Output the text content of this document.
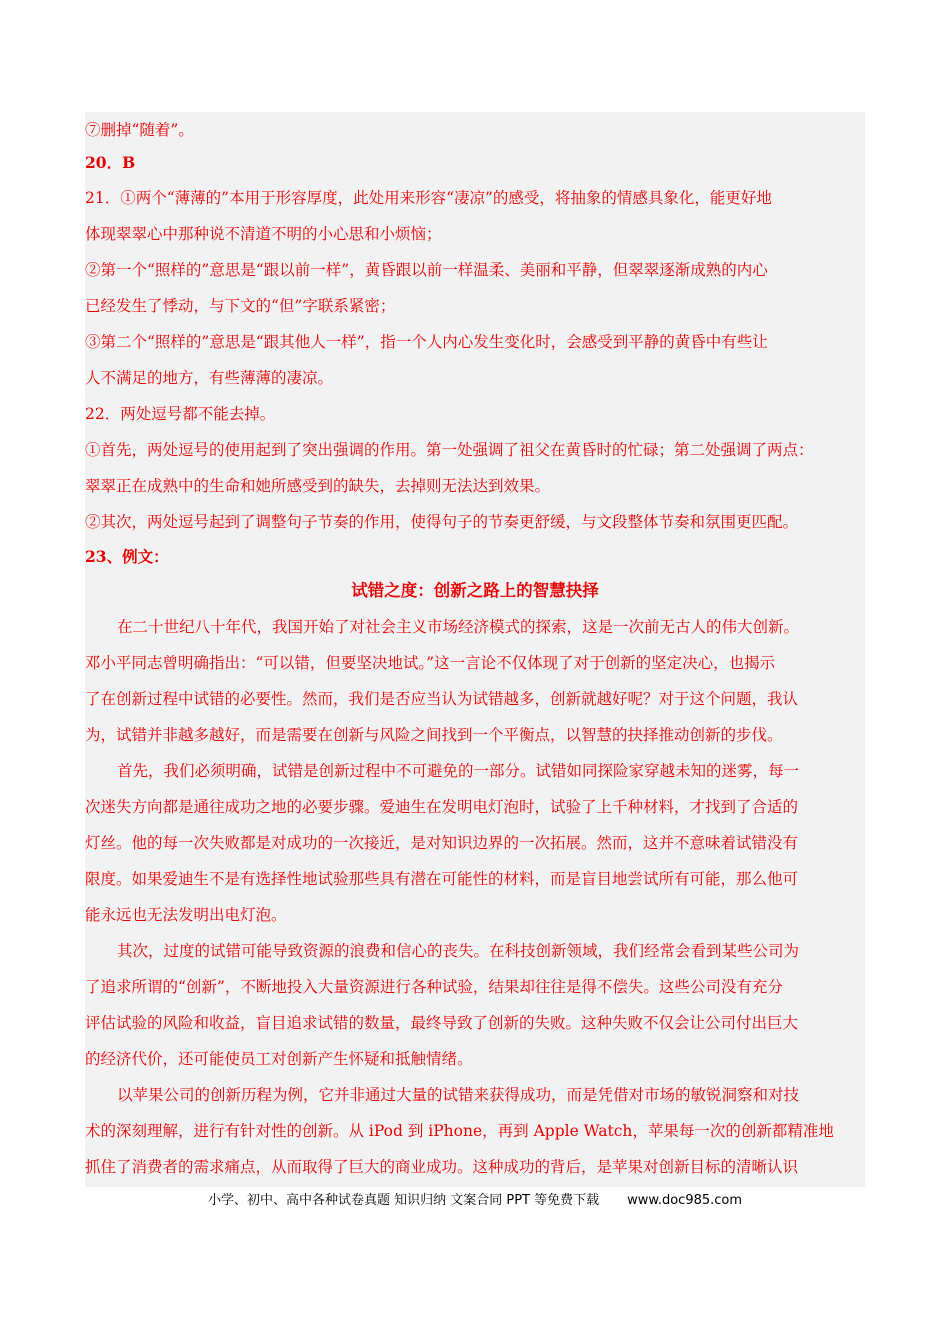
⑦删掉“随着”。
20．B
21．①两个“薄薄的”本用于形容厚度，此处用来形容“凄凉”的感受，将抽象的情感具象化，能更好地
体现翠翠心中那种说不清道不明的小心思和小烦恼；
②第一个“照样的”意思是“跟以前一样”，黄昏跟以前一样温柔、美丽和平静，但翠翠逐渐成熟的内心
已经发生了悸动，与下文的“但”字联系紧密；
③第二个“照样的”意思是“跟其他人一样”，指一个人内心发生变化时，会感受到平静的黄昏中有些让
人不满足的地方，有些薄薄的凄凉。
22．两处逗号都不能去掉。
①首先，两处逗号的使用起到了突出强调的作用。第一处强调了祖父在黄昏时的忙碌；第二处强调了两点：
翠翠正在成熟中的生命和她所感受到的缺失，去掉则无法达到效果。
②其次，两处逗号起到了调整句子节奏的作用，使得句子的节奏更舒缓，与文段整体节奏和氛围更匹配。
23、例文：
试错之度：创新之路上的智慧抉择
在二十世纪八十年代，我国开始了对社会主义市场经济模式的探索，这是一次前无古人的伟大创新。
邓小平同志曾明确指出：“可以错，但要坚决地试。”这一言论不仅体现了对于创新的坚定决心，也揭示
了在创新过程中试错的必要性。然而，我们是否应当认为试错越多，创新就越好呢？对于这个问题，我认
为，试错并非越多越好，而是需要在创新与风险之间找到一个平衡点，以智慧的抉择推动创新的步伐。
首先，我们必须明确，试错是创新过程中不可避免的一部分。试错如同探险家穿越未知的迷雾，每一
次迷失方向都是通往成功之地的必要步骤。爱迪生在发明电灯泡时，试验了上千种材料，才找到了合适的
灯丝。他的每一次失败都是对成功的一次接近，是对知识边界的一次拓展。然而，这并不意味着试错没有
限度。如果爱迪生不是有选择性地试验那些具有潜在可能性的材料，而是盲目地尝试所有可能，那么他可
能永远也无法发明出电灯泡。
其次，过度的试错可能导致资源的浪费和信心的丧失。在科技创新领域，我们经常会看到某些公司为
了追求所谓的“创新”，不断地投入大量资源进行各种试验，结果却往往是得不偿失。这些公司没有充分
评估试验的风险和收益，盲目追求试错的数量，最终导致了创新的失败。这种失败不仅会让公司付出巨大
的经济代价，还可能使员工对创新产生怀疑和抵触情绪。
以苹果公司的创新历程为例，它并非通过大量的试错来获得成功，而是凭借对市场的敏锐洞察和对技
术的深刻理解，进行有针对性的创新。从 iPod 到 iPhone，再到 Apple Watch，苹果每一次的创新都精准地
抓住了消费者的需求痛点，从而取得了巨大的商业成功。这种成功的背后，是苹果对创新目标的清晰认识
小学、初中、高中各种试卷真题 知识归纳 文案合同 PPT 等免费下载 www.doc985.com
